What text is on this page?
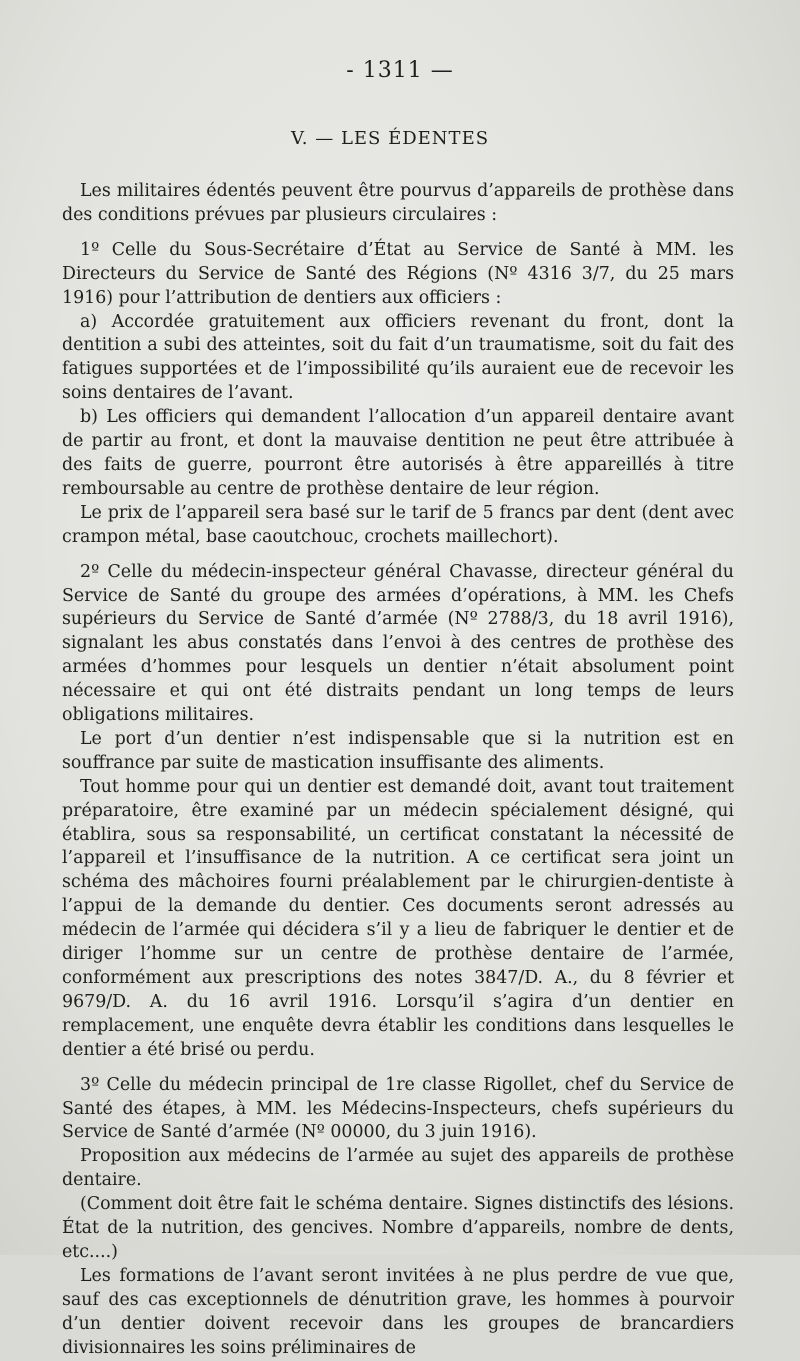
- 1311 —
V. — LES ÉDENTES

Les militaires édentés peuvent être pourvus d’appareils de prothèse dans des conditions prévues par plusieurs circulaires :

1º Celle du Sous-Secrétaire d’État au Service de Santé à MM. les Directeurs du Service de Santé des Régions (Nº 4316 3/7, du 25 mars 1916) pour l’attribution de dentiers aux officiers :

a) Accordée gratuitement aux officiers revenant du front, dont la dentition a subi des atteintes, soit du fait d’un traumatisme, soit du fait des fatigues supportées et de l’impossibilité qu’ils auraient eue de recevoir les soins dentaires de l’avant.

b) Les officiers qui demandent l’allocation d’un appareil dentaire avant de partir au front, et dont la mauvaise dentition ne peut être attribuée à des faits de guerre, pourront être autorisés à être appareillés à titre remboursable au centre de prothèse dentaire de leur région.

Le prix de l’appareil sera basé sur le tarif de 5 francs par dent (dent avec crampon métal, base caoutchouc, crochets maillechort).

2º Celle du médecin-inspecteur général Chavasse, directeur général du Service de Santé du groupe des armées d’opérations, à MM. les Chefs supérieurs du Service de Santé d’armée (Nº 2788/3, du 18 avril 1916), signalant les abus constatés dans l’envoi à des centres de prothèse des armées d’hommes pour lesquels un dentier n’était absolument point nécessaire et qui ont été distraits pendant un long temps de leurs obligations militaires.

Le port d’un dentier n’est indispensable que si la nutrition est en souffrance par suite de mastication insuffisante des aliments.

Tout homme pour qui un dentier est demandé doit, avant tout traitement préparatoire, être examiné par un médecin spécialement désigné, qui établira, sous sa responsabilité, un certificat constatant la nécessité de l’appareil et l’insuffisance de la nutrition. A ce certificat sera joint un schéma des mâchoires fourni préalablement par le chirurgien-dentiste à l’appui de la demande du dentier. Ces documents seront adressés au médecin de l’armée qui décidera s’il y a lieu de fabriquer le dentier et de diriger l’homme sur un centre de prothèse dentaire de l’armée, conformément aux prescriptions des notes 3847/D. A., du 8 février et 9679/D. A. du 16 avril 1916. Lorsqu’il s’agira d’un dentier en remplacement, une enquête devra établir les conditions dans lesquelles le dentier a été brisé ou perdu.

3º Celle du médecin principal de 1re classe Rigollet, chef du Service de Santé des étapes, à MM. les Médecins-Inspecteurs, chefs supérieurs du Service de Santé d’armée (Nº 00000, du 3 juin 1916).

Proposition aux médecins de l’armée au sujet des appareils de prothèse dentaire.

(Comment doit être fait le schéma dentaire. Signes distinctifs des lésions. État de la nutrition, des gencives. Nombre d’appareils, nombre de dents, etc....)

Les formations de l’avant seront invitées à ne plus perdre de vue que, sauf des cas exceptionnels de dénutrition grave, les hommes à pourvoir d’un dentier doivent recevoir dans les groupes de brancardiers divisionnaires les soins préliminaires de
